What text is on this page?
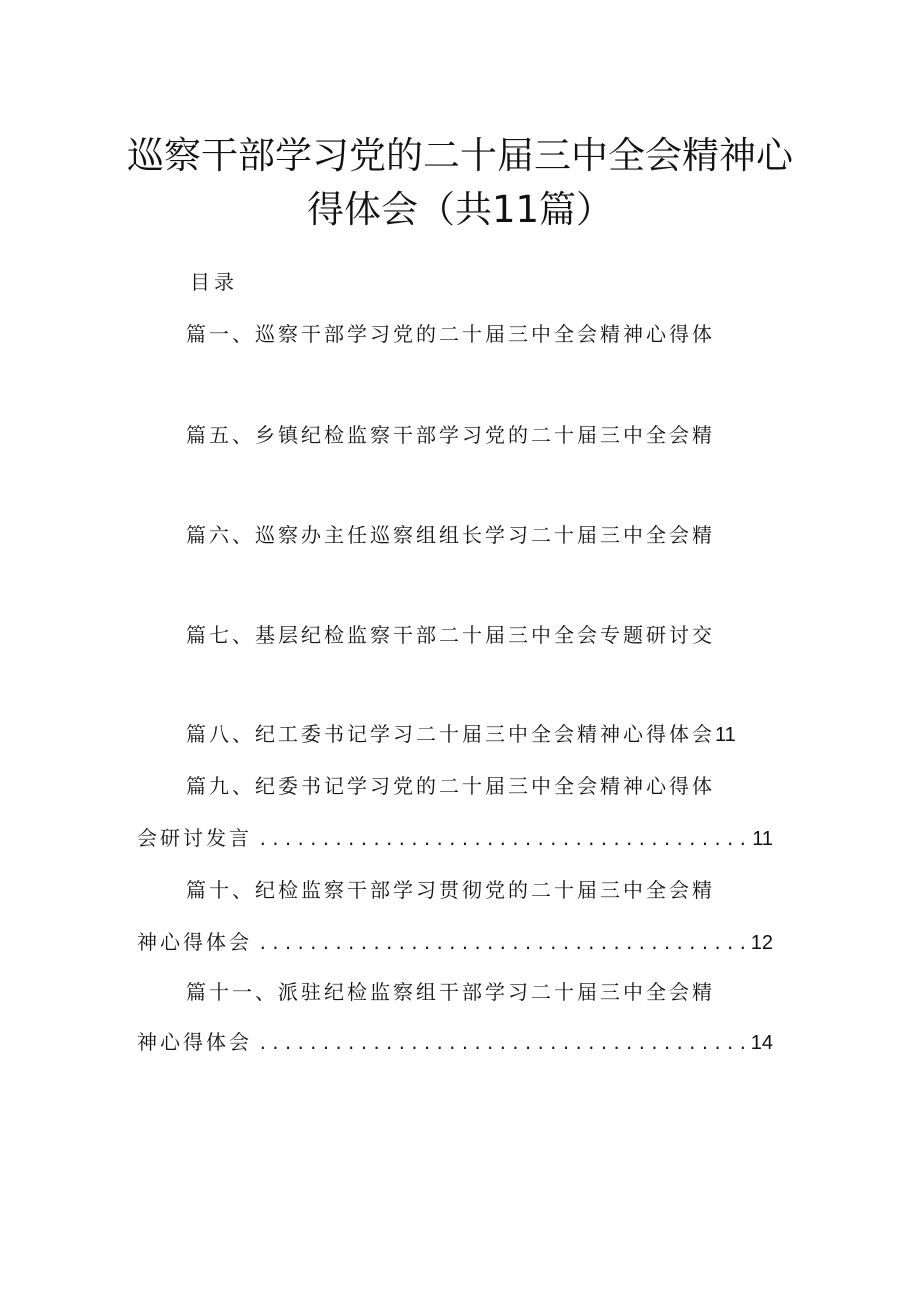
巡察干部学习党的二十届三中全会精神心
得体会（共11篇）
目录
篇一、巡察干部学习党的二十届三中全会精神心得体
篇五、乡镇纪检监察干部学习党的二十届三中全会精
篇六、巡察办主任巡察组组长学习二十届三中全会精
篇七、基层纪检监察干部二十届三中全会专题研讨交
篇八、纪工委书记学习二十届三中全会精神心得体会11
篇九、纪委书记学习党的二十届三中全会精神心得体
会研讨发言 .....	11
篇十、纪检监察干部学习贯彻党的二十届三中全会精
神心得体会 .....	12
篇十一、派驻纪检监察组干部学习二十届三中全会精
神心得体会 .....	14
